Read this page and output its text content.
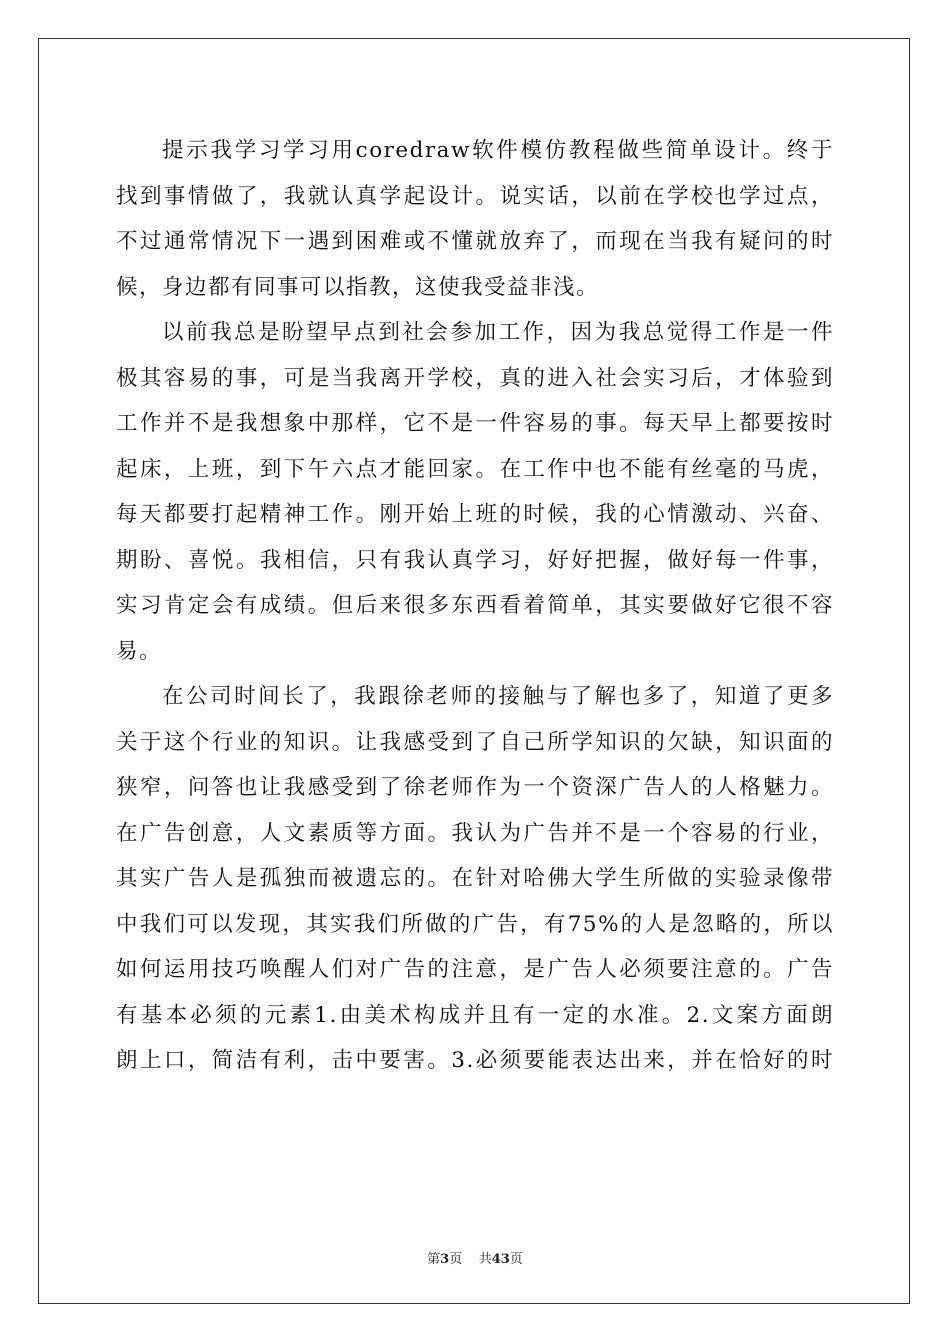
提示我学习学习用coredraw软件模仿教程做些简单设计。终于
找到事情做了，我就认真学起设计。说实话，以前在学校也学过点，
不过通常情况下一遇到困难或不懂就放弃了，而现在当我有疑问的时
候，身边都有同事可以指教，这使我受益非浅。
以前我总是盼望早点到社会参加工作，因为我总觉得工作是一件
极其容易的事，可是当我离开学校，真的进入社会实习后，才体验到
工作并不是我想象中那样，它不是一件容易的事。每天早上都要按时
起床，上班，到下午六点才能回家。在工作中也不能有丝毫的马虎，
每天都要打起精神工作。刚开始上班的时候，我的心情激动、兴奋、
期盼、喜悦。我相信，只有我认真学习，好好把握，做好每一件事，
实习肯定会有成绩。但后来很多东西看着简单，其实要做好它很不容
易。
在公司时间长了，我跟徐老师的接触与了解也多了，知道了更多
关于这个行业的知识。让我感受到了自己所学知识的欠缺，知识面的
狭窄，问答也让我感受到了徐老师作为一个资深广告人的人格魅力。
在广告创意，人文素质等方面。我认为广告并不是一个容易的行业，
其实广告人是孤独而被遗忘的。在针对哈佛大学生所做的实验录像带
中我们可以发现，其实我们所做的广告，有75%的人是忽略的，所以
如何运用技巧唤醒人们对广告的注意，是广告人必须要注意的。广告
有基本必须的元素1.由美术构成并且有一定的水准。2.文案方面朗
朗上口，简洁有利，击中要害。3.必须要能表达出来，并在恰好的时
第3页 共43页
